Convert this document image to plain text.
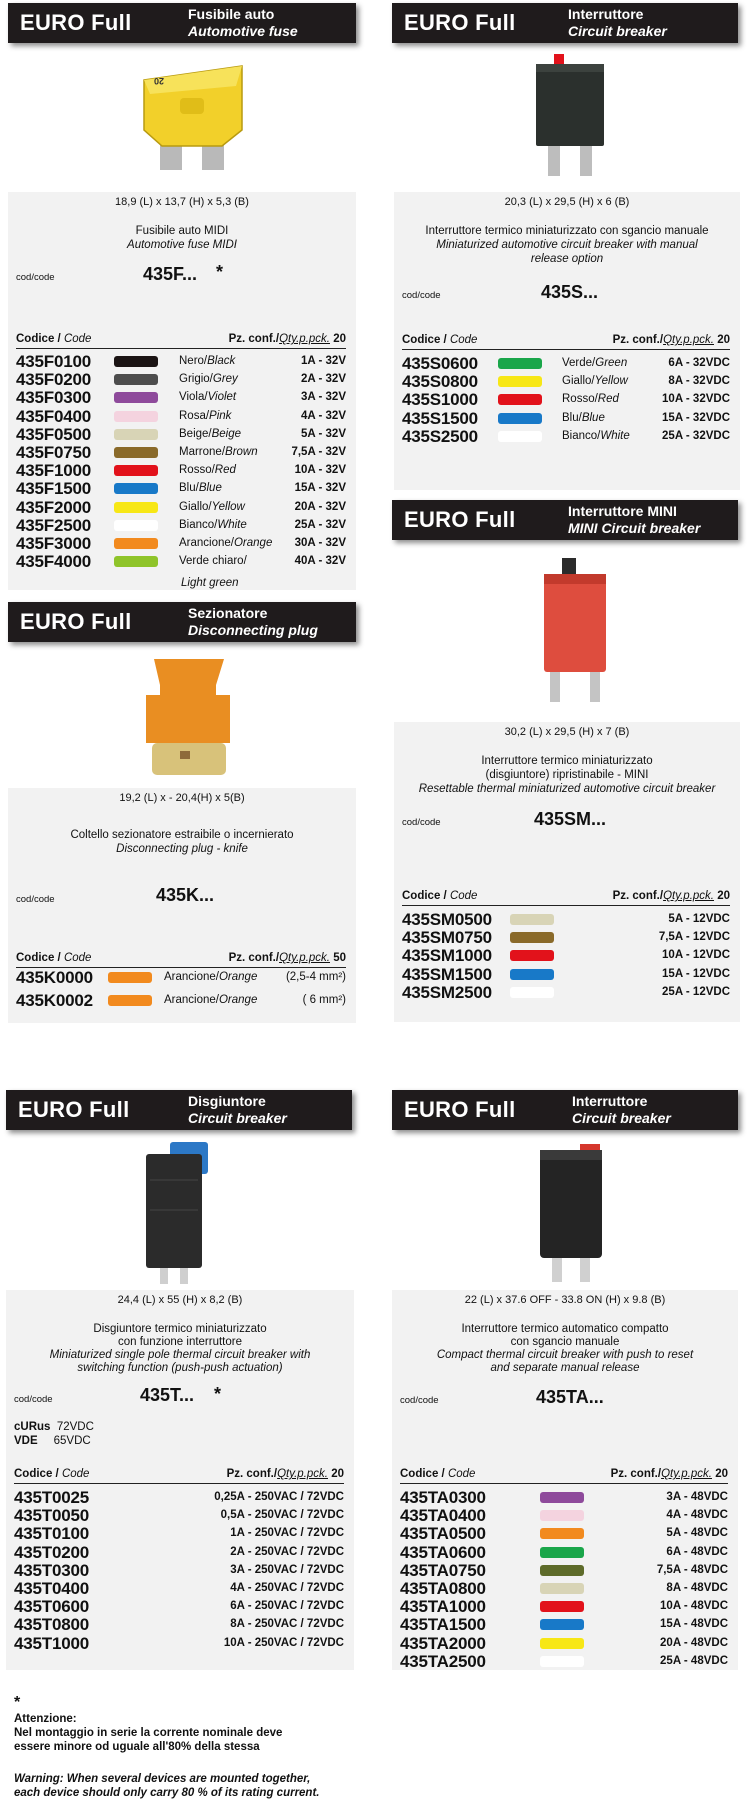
EURO Full	Fusibile auto
Automotive fuse
20
18,9 (L) x 13,7 (H) x 5,3 (B)
Fusibile auto MIDI
Automotive fuse MIDI
cod/code	435F... *
Codice / Code	Pz. conf./Qty.p.pck. 20
435F0100	Nero/Black	1A - 32V
435F0200	Grigio/Grey	2A - 32V
435F0300	Viola/Violet	3A - 32V
435F0400	Rosa/Pink	4A - 32V
435F0500	Beige/Beige	5A - 32V
435F0750	Marrone/Brown	7,5A - 32V
435F1000	Rosso/Red	10A - 32V
435F1500	Blu/Blue	15A - 32V
435F2000	Giallo/Yellow	20A - 32V
435F2500	Bianco/White	25A - 32V
435F3000	Arancione/Orange 30A - 32V
435F4000	Verde chiaro/	40A - 32V
Light green
EURO Full	Interruttore
Circuit breaker
20,3 (L) x 29,5 (H) x 6 (B)
Interruttore termico miniaturizzato con sgancio manuale
Miniaturized automotive circuit breaker with manual
release option
cod/code	435S...
Codice / Code	Pz. conf./Qty.p.pck. 20
435S0600	Verde/Green	6A - 32VDC
435S0800	Giallo/Yellow	8A - 32VDC
435S1000	Rosso/Red	10A - 32VDC
435S1500	Blu/Blue	15A - 32VDC
435S2500	Bianco/White	25A - 32VDC
EURO Full	Sezionatore
Disconnecting plug
19,2 (L) x - 20,4(H) x 5(B)
Coltello sezionatore estraibile o incernierato
Disconnecting plug - knife
cod/code	435K...
Codice / Code	Pz. conf./Qty.p.pck. 50
435K0000	Arancione/Orange (2,5-4 mm²)
435K0002	Arancione/Orange	( 6 mm²)
EURO Full	Interruttore MINI
MINI Circuit breaker
30,2 (L) x 29,5 (H) x 7 (B)
Interruttore termico miniaturizzato
(disgiuntore) ripristinabile - MINI
Resettable thermal miniaturized automotive circuit breaker
cod/code	435SM...
Codice / Code	Pz. conf./Qty.p.pck. 20
435SM0500	5A - 12VDC
435SM0750	7,5A - 12VDC
435SM1000	10A - 12VDC
435SM1500	15A - 12VDC
435SM2500	25A - 12VDC
EURO Full	Disgiuntore
Circuit breaker
24,4 (L) x 55 (H) x 8,2 (B)
Disgiuntore termico miniaturizzato
con funzione interruttore
Miniaturized single pole thermal circuit breaker with
switching function (push-push actuation)
cod/code	435T... *
cURus 72VDC
VDE 65VDC
Codice / Code	Pz. conf./Qty.p.pck. 20
435T0025	0,25A - 250VAC / 72VDC
435T0050	0,5A - 250VAC / 72VDC
435T0100	1A - 250VAC / 72VDC
435T0200	2A - 250VAC / 72VDC
435T0300	3A - 250VAC / 72VDC
435T0400	4A - 250VAC / 72VDC
435T0600	6A - 250VAC / 72VDC
435T0800	8A - 250VAC / 72VDC
435T1000	10A - 250VAC / 72VDC
EURO Full	Interruttore
Circuit breaker
22 (L) x 37.6 OFF - 33.8 ON (H) x 9.8 (B)
Interruttore termico automatico compatto
con sgancio manuale
Compact thermal circuit breaker with push to reset
and separate manual release
cod/code	435TA...
Codice / Code	Pz. conf./Qty.p.pck. 20
435TA0300	3A - 48VDC
435TA0400	4A - 48VDC
435TA0500	5A - 48VDC
435TA0600	6A - 48VDC
435TA0750	7,5A - 48VDC
435TA0800	8A - 48VDC
435TA1000	10A - 48VDC
435TA1500	15A - 48VDC
435TA2000	20A - 48VDC
435TA2500	25A - 48VDC
*
Attenzione:
Nel montaggio in serie la corrente nominale deve
essere minore od uguale all'80% della stessa
Warning: When several devices are mounted together,
each device should only carry 80 % of its rating current.
